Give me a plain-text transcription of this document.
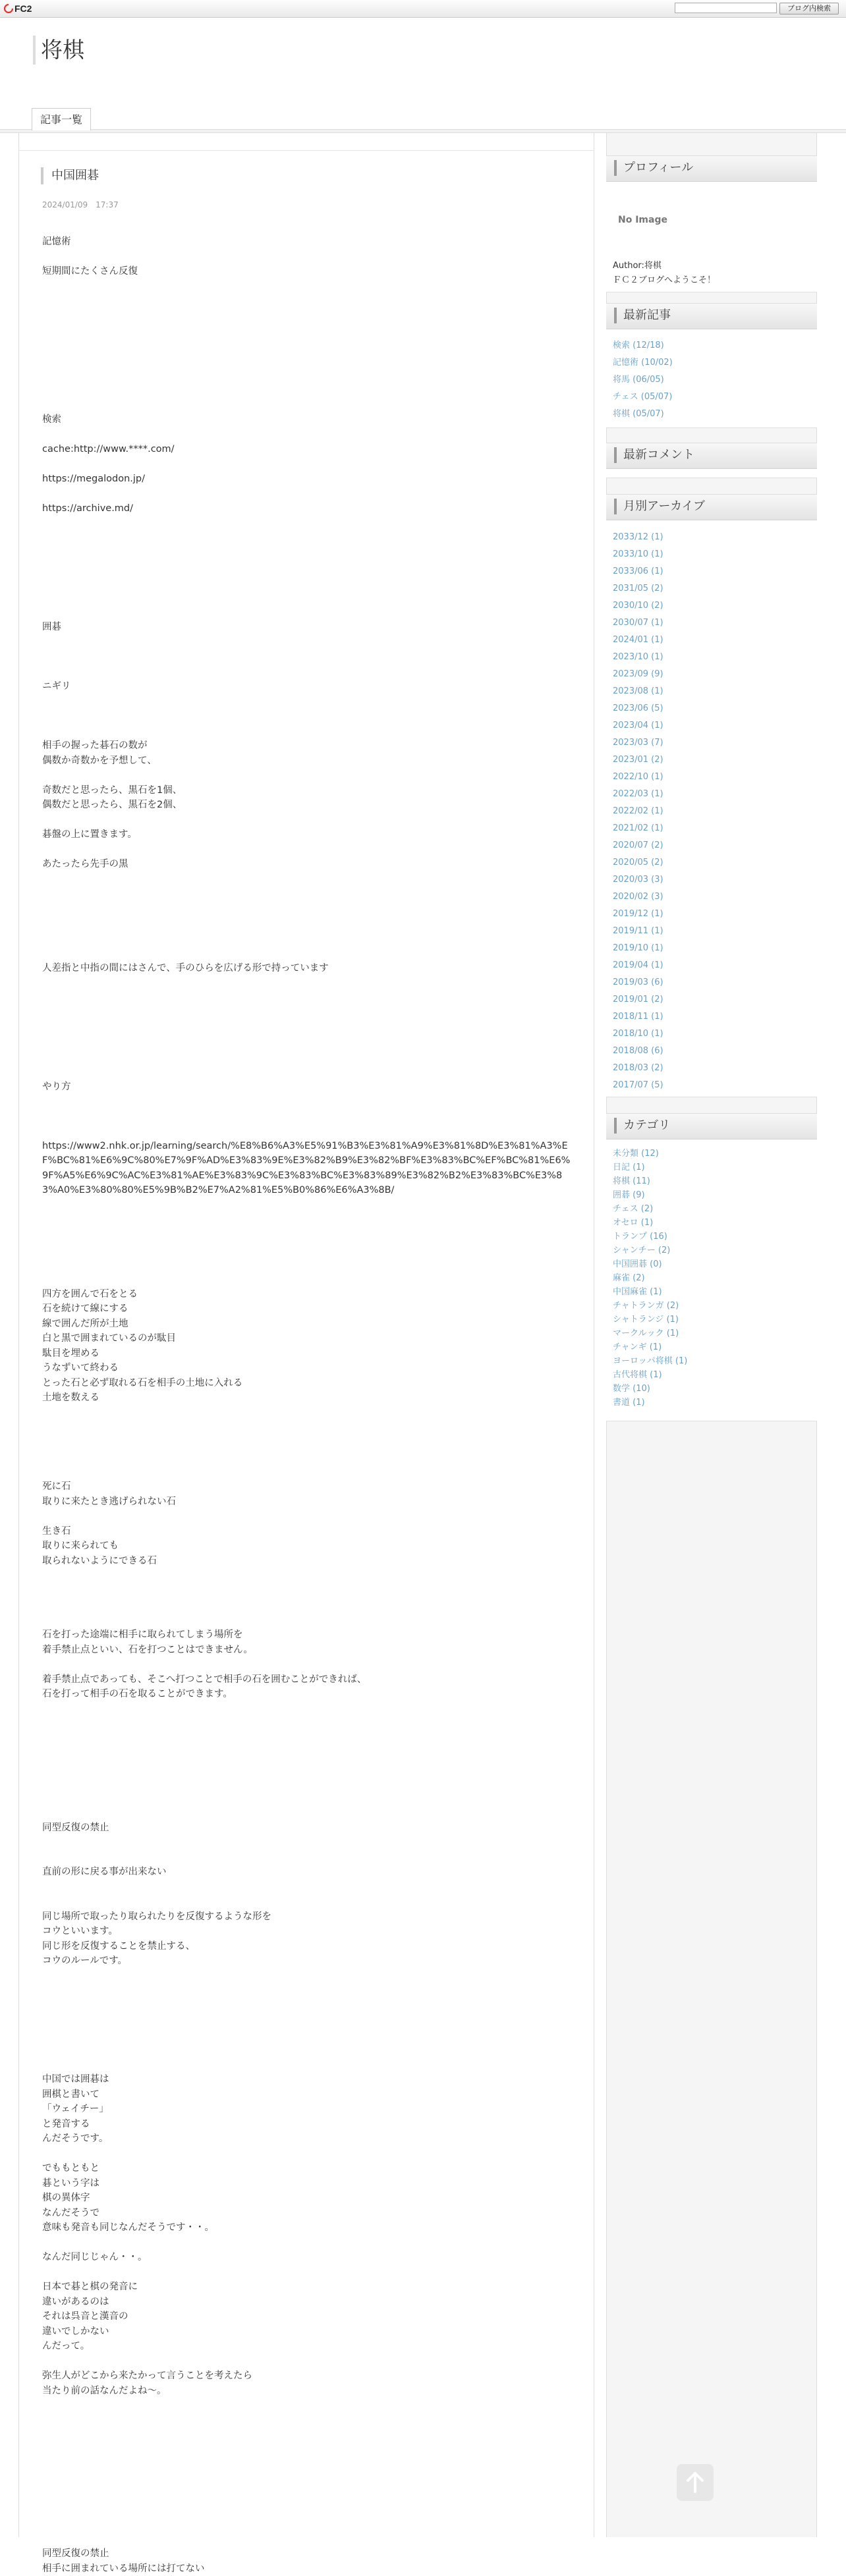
FC2	ブログ内検索
将棋
記事一覧
中国囲碁
2024/01/09　17:37

記憶術

短期間にたくさん反復

検索

cache:http://www.****.com/

https://megalodon.jp/

https://archive.md/

囲碁

ニギリ

相手の握った碁石の数が

偶数か奇数かを予想して、

奇数だと思ったら、黒石を1個、

偶数だと思ったら、黒石を2個、

碁盤の上に置きます。

あたったら先手の黒

人差指と中指の間にはさんで、手のひらを広げる形で持っています

やり方

https://www2.nhk.or.jp/learning/search/%E8%B6%A3%E5%91%B3%E3%81%A9%E3%81%8D%E3%81%A3%EF%BC%81%E6%9C%80%E7%9F%AD%E3%83%9E%E3%82%B9%E3%82%BF%E3%83%BC%EF%BC%81%E6%9F%A5%E6%9C%AC%E3%81%AE%E3%83%9C%E3%83%BC%E3%83%89%E3%82%B2%E3%83%BC%E3%83%A0%E3%80%80%E5%9B%B2%E7%A2%81%E5%B0%86%E6%A3%8B/

四方を囲んで石をとる

石を続けて線にする

線で囲んだ所が土地

白と黒で囲まれているのが駄目

駄目を埋める

うなずいて終わる

とった石と必ず取れる石を相手の土地に入れる

土地を数える

死に石

取りに来たとき逃げられない石

生き石

取りに来られても

取られないようにできる石

石を打った途端に相手に取られてしまう場所を

着手禁止点といい、石を打つことはできません。

着手禁止点であっても、そこへ打つことで相手の石を囲むことができれば、

石を打って相手の石を取ることができます。

同型反復の禁止

直前の形に戻る事が出来ない

同じ場所で取ったり取られたりを反復するような形を

コウといいます。

同じ形を反復することを禁止する、

コウのルールです。

中国では囲碁は

囲棋と書いて

「ウェイチー」

と発音する

んだそうです。

でももともと

碁という字は

棋の異体字

なんだそうで

意味も発音も同じなんだそうです・・。

なんだ同じじゃん・・。

日本で碁と棋の発音に

違いがあるのは

それは呉音と漢音の

違いでしかない

んだって。

弥生人がどこから来たかって言うことを考えたら

当たり前の話なんだよね〜。

同型反復の禁止

相手に囲まれている場所には打てない

プロフィール
No Image
Author:将棋
ＦＣ２ブログへようこそ！
最新記事
検索 (12/18)
記憶術 (10/02)
将馬 (06/05)
チェス (05/07)
将棋 (05/07)
最新コメント
月別アーカイブ
2033/12 (1)
2033/10 (1)
2033/06 (1)
2031/05 (2)
2030/10 (2)
2030/07 (1)
2024/01 (1)
2023/10 (1)
2023/09 (9)
2023/08 (1)
2023/06 (5)
2023/04 (1)
2023/03 (7)
2023/01 (2)
2022/10 (1)
2022/03 (1)
2022/02 (1)
2021/02 (1)
2020/07 (2)
2020/05 (2)
2020/03 (3)
2020/02 (3)
2019/12 (1)
2019/11 (1)
2019/10 (1)
2019/04 (1)
2019/03 (6)
2019/01 (2)
2018/11 (1)
2018/10 (1)
2018/08 (6)
2018/03 (2)
2017/07 (5)
カテゴリ
未分類 (12)
日記 (1)
将棋 (11)
囲碁 (9)
チェス (2)
オセロ (1)
トランプ (16)
シャンチー (2)
中国囲碁 (0)
麻雀 (2)
中国麻雀 (1)
チャトランガ (2)
シャトランジ (1)
マークルック (1)
チャンギ (1)
ヨーロッパ将棋 (1)
古代将棋 (1)
数学 (10)
書道 (1)
